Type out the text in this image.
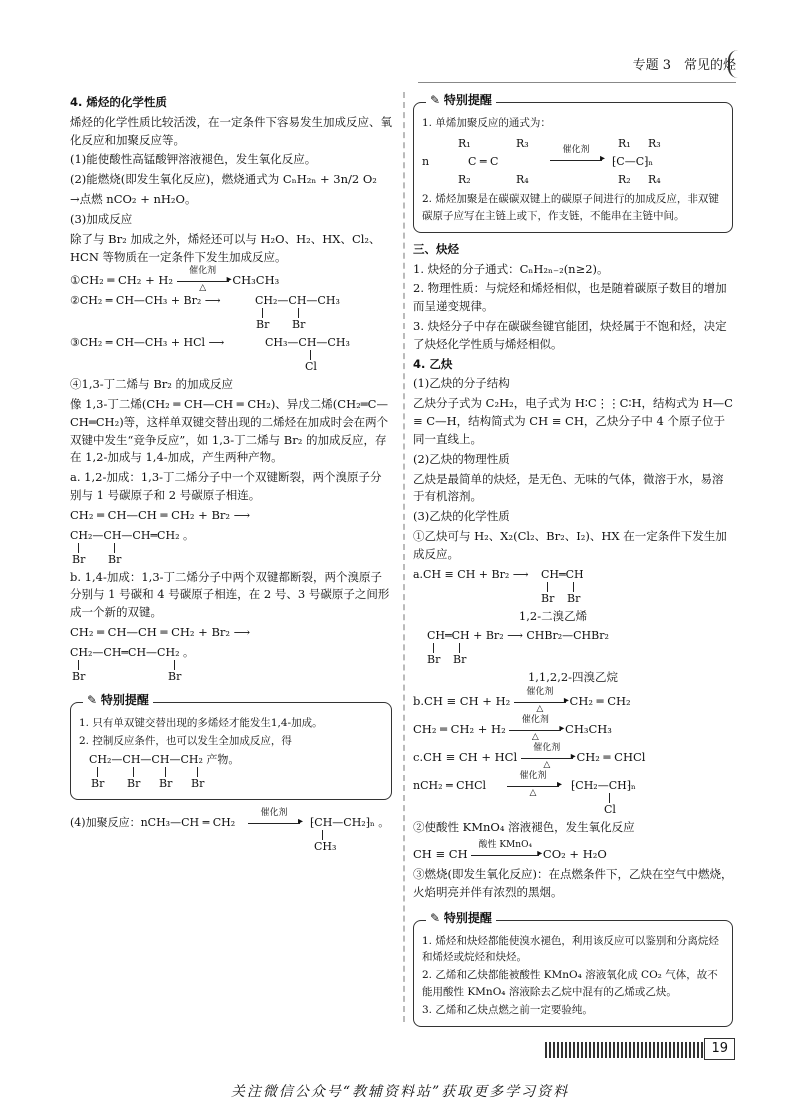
专题 3　常见的烃

4. 烯烃的化学性质

烯烃的化学性质比较活泼，在一定条件下容易发生加成反应、氧化反应和加聚反应等。

(1)能使酸性高锰酸钾溶液褪色，发生氧化反应。

(2)能燃烧(即发生氧化反应)，燃烧通式为 CₙH₂ₙ + 3n/2 O₂

→点燃 nCO₂ + nH₂O。

(3)加成反应

除了与 Br₂ 加成之外，烯烃还可以与 H₂O、H₂、HX、Cl₂、HCN 等物质在一定条件下发生加成反应。

①CH₂ ═ CH₂ + H₂
▸ 催化剂
△
CH₃CH₃

②CH₂ ═ CH—CH₃ + Br₂ ⟶	CH₂—CH—CH₃
Br Br
③CH₂ ═ CH—CH₃ + HCl ⟶	CH₃—CH—CH₃
Cl

④1,3-丁二烯与 Br₂ 的加成反应

像 1,3-丁二烯(CH₂ ═ CH—CH ═ CH₂)、异戊二烯(CH₂═C—CH═CH₂)等，这样单双键交替出现的二烯烃在加成时会在两个双键中发生“竞争反应”，如 1,3-丁二烯与 Br₂ 的加成反应，存在 1,2-加成与 1,4-加成，产生两种产物。

a. 1,2-加成：1,3-丁二烯分子中一个双键断裂，两个溴原子分别与 1 号碳原子和 2 号碳原子相连。

CH₂ ═ CH—CH ═ CH₂ + Br₂ ⟶

CH₂—CH—CH═CH₂ 。
Br Br

b. 1,4-加成：1,3-丁二烯分子中两个双键都断裂，两个溴原子分别与 1 号碳和 4 号碳原子相连，在 2 号、3 号碳原子之间形成一个新的双键。

CH₂ ═ CH—CH ═ CH₂ + Br₂ ⟶

CH₂—CH═CH—CH₂ 。
Br	Br
✎ 特别提醒

1. 只有单双键交替出现的多烯烃才能发生1,4-加成。

2. 控制反应条件，也可以发生全加成反应，得

CH₂—CH—CH—CH₂ 产物。
Br Br Br Br
(4)加聚反应：nCH₃—CH ═ CH₂
▸ 催化剂
⁅CH—CH₂⁆ₙ 。
CH₃
✎ 特别提醒

1. 单烯加聚反应的通式为：

R₁	R₃
n	C ═ C
R₂	R₄
▸ 催化剂	R₁ R₃
⁅C—C⁆ₙ
R₂ R₄

2. 烯烃加聚是在碳碳双键上的碳原子间进行的加成反应，非双键碳原子应写在主链上或下，作支链，不能串在主链中间。

三、炔烃

1. 炔烃的分子通式：CₙH₂ₙ₋₂(n≥2)。

2. 物理性质：与烷烃和烯烃相似，也是随着碳原子数目的增加而呈递变规律。

3. 炔烃分子中存在碳碳叁键官能团，炔烃属于不饱和烃，决定了炔烃化学性质与烯烃相似。

4. 乙炔

(1)乙炔的分子结构

乙炔分子式为 C₂H₂，电子式为 H∶C⋮⋮C∶H，结构式为 H—C ≡ C—H，结构简式为 CH ≡ CH，乙炔分子中 4 个原子位于同一直线上。

(2)乙炔的物理性质

乙炔是最简单的炔烃，是无色、无味的气体，微溶于水，易溶于有机溶剂。

(3)乙炔的化学性质

①乙炔可与 H₂、X₂(Cl₂、Br₂、I₂)、HX 在一定条件下发生加成反应。

a.CH ≡ CH + Br₂ ⟶ CH═CH
Br Br

1,2-二溴乙烯

CH═CH + Br₂ ⟶ CHBr₂—CHBr₂
Br Br

1,1,2,2-四溴乙烷

b.CH ≡ CH + H₂
▸ 催化剂
△
CH₂ ═ CH₂

CH₂ ═ CH₂ + H₂
▸ 催化剂
△
CH₃CH₃

c.CH ≡ CH + HCl
▸ 催化剂
△
CH₂ ═ CHCl

nCH₂ ═ CHCl
▸ 催化剂
△
⁅CH₂—CH⁆ₙ
Cl

②使酸性 KMnO₄ 溶液褪色，发生氧化反应

CH ≡ CH
▸ 酸性 KMnO₄
CO₂ + H₂O

③燃烧(即发生氧化反应)：在点燃条件下，乙炔在空气中燃烧，火焰明亮并伴有浓烈的黑烟。

✎ 特别提醒

1. 烯烃和炔烃都能使溴水褪色，利用该反应可以鉴别和分离烷烃和烯烃或烷烃和炔烃。

2. 乙烯和乙炔都能被酸性 KMnO₄ 溶液氧化成 CO₂ 气体，故不能用酸性 KMnO₄ 溶液除去乙烷中混有的乙烯或乙炔。

3. 乙烯和乙炔点燃之前一定要验纯。

19
关注微信公众号“教辅资料站”获取更多学习资料
